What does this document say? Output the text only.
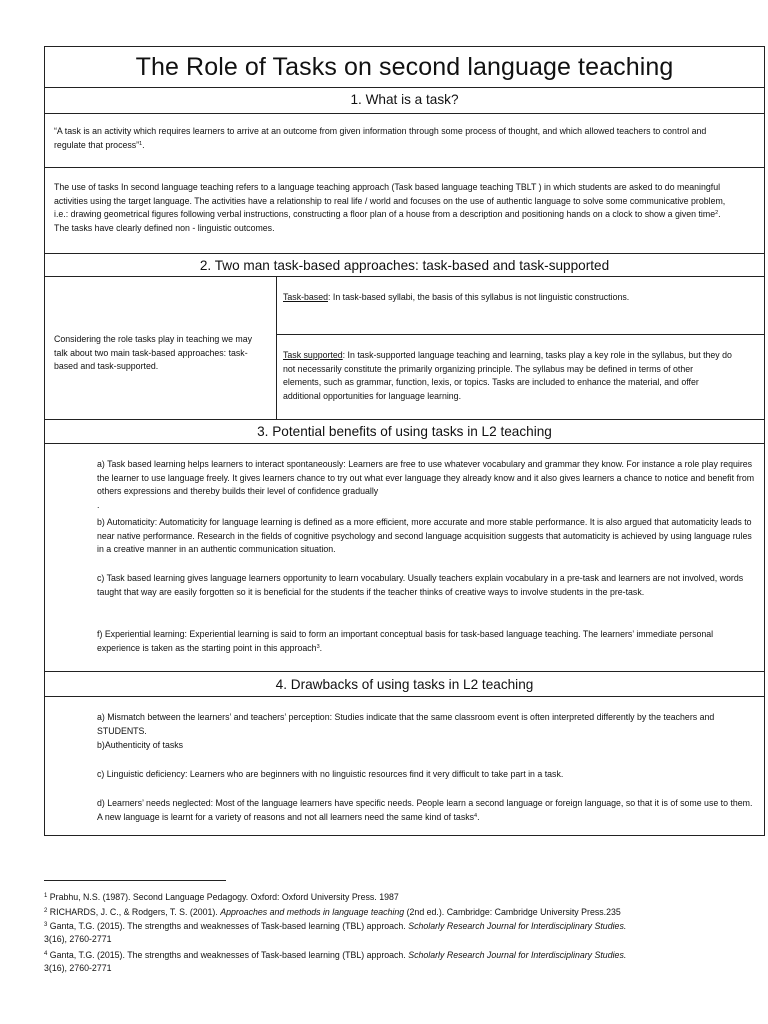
The Role of Tasks on second language teaching
1. What is a task?
“A task is an activity which requires learners to arrive at an outcome from given information through some process of thought, and which allowed teachers to control and regulate that process”$^1$.
The use of tasks In second language teaching refers to a language teaching approach (Task based language teaching TBLT ) in which students are asked to do meaningful activities using the target language. The activities have a relationship to real life / world and focuses on the use of authentic language to solve some communicative problem, i.e.: drawing geometrical figures following verbal instructions, constructing a floor plan of a house from a description and positioning hands on a clock to show a given time$^2$. The tasks have clearly defined non - linguistic outcomes.
2. Two man task-based approaches: task-based and task-supported
Considering the role tasks play in teaching we may talk about two main task-based approaches: task-based and task-supported.
Task-based: In task-based syllabi, the basis of this syllabus is not linguistic constructions.
Task supported: In task-supported language teaching and learning, tasks play a key role in the syllabus, but they do not necessarily constitute the primarily organizing principle. The syllabus may be defined in terms of other elements, such as grammar, function, lexis, or topics. Tasks are included to enhance the material, and offer additional opportunities for language learning.
3. Potential benefits of using tasks in L2 teaching
a) Task based learning helps learners to interact spontaneously: Learners are free to use whatever vocabulary and grammar they know. For instance a role play requires the learner to use language freely. It gives learners chance to try out what ever language they already know and it also gives learners a chance to notice and benefit from others expressions and thereby builds their level of confidence gradually
.
b) Automaticity: Automaticity for language learning is defined as a more efficient, more accurate and more stable performance. It is also argued that automaticity leads to near native performance. Research in the fields of cognitive psychology and second language acquisition suggests that automaticity is achieved by using language rules in a creative manner in an authentic communication situation.
c) Task based learning gives language learners opportunity to learn vocabulary. Usually teachers explain vocabulary in a pre-task and learners are not involved, words taught that way are easily forgotten so it is beneficial for the students if the teacher thinks of creative ways to involve students in the pre-task.
f) Experiential learning: Experiential learning is said to form an important conceptual basis for task-based language teaching. The learners’ immediate personal experience is taken as the starting point in this approach$^3$.
4. Drawbacks of using tasks in L2 teaching
a) Mismatch between the learners’ and teachers’ perception: Studies indicate that the same classroom event is often interpreted differently by the teachers and STUDENTS.
b)Authenticity of tasks
c) Linguistic deficiency: Learners who are beginners with no linguistic resources find it very difficult to take part in a task.
d) Learners’ needs neglected: Most of the language learners have specific needs. People learn a second language or foreign language, so that it is of some use to them. A new language is learnt for a variety of reasons and not all learners need the same kind of tasks$^4$.
$^1$ Prabhu, N.S. (1987). Second Language Pedagogy. Oxford: Oxford University Press. 1987
$^2$ RICHARDS, J. C., & Rodgers, T. S. (2001). Approaches and methods in language teaching (2nd ed.). Cambridge: Cambridge University Press.235
$^3$ Ganta, T.G. (2015). The strengths and weaknesses of Task-based learning (TBL) approach. Scholarly Research Journal for Interdisciplinary Studies.
3(16), 2760-2771
$^4$ Ganta, T.G. (2015). The strengths and weaknesses of Task-based learning (TBL) approach. Scholarly Research Journal for Interdisciplinary Studies.
3(16), 2760-2771
